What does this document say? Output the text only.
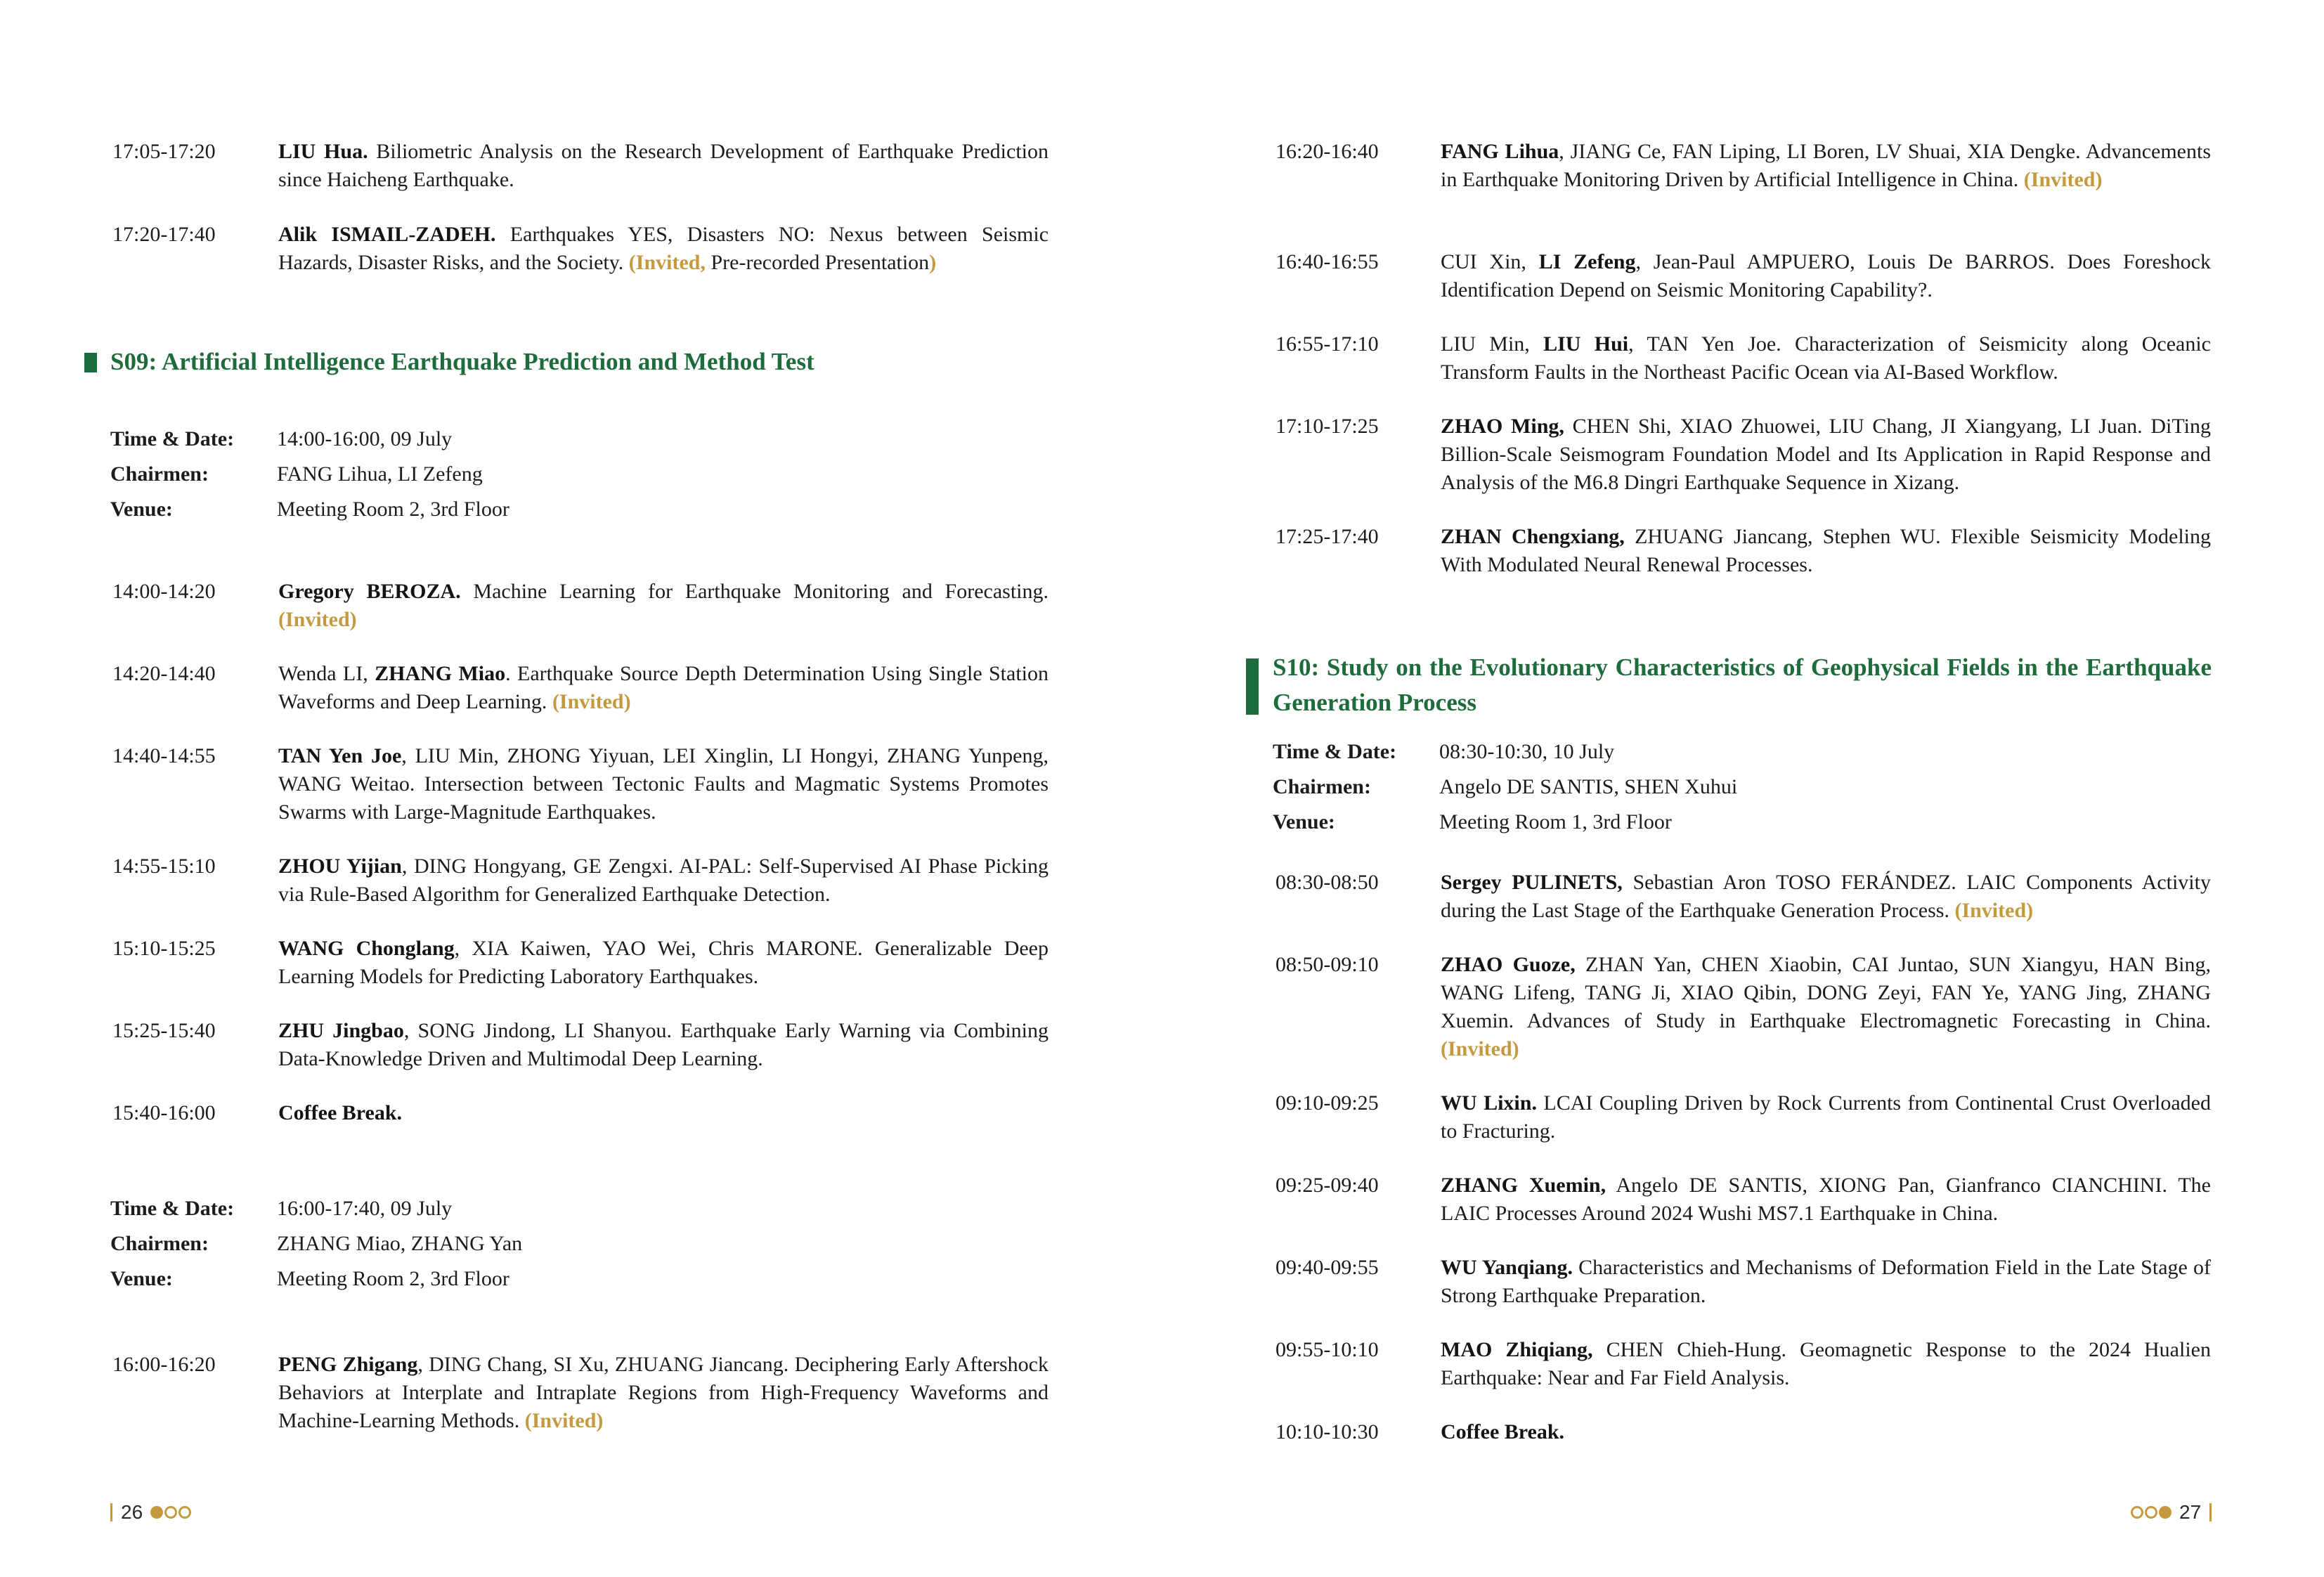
17:05-17:20	LIU Hua. Biliometric Analysis on the Research Development of Earthquake Prediction since Haicheng Earthquake.
17:20-17:40	Alik ISMAIL-ZADEH. Earthquakes YES, Disasters NO: Nexus between Seismic Hazards, Disaster Risks, and the Society. (Invited, Pre-recorded Presentation)
S09: Artificial Intelligence Earthquake Prediction and Method Test
Time & Date: 14:00-16:00, 09 July
Chairmen:	FANG Lihua, LI Zefeng
Venue:	Meeting Room 2, 3rd Floor
14:00-14:20	Gregory BEROZA. Machine Learning for Earthquake Monitoring and Forecasting. (Invited)
14:20-14:40	Wenda LI, ZHANG Miao. Earthquake Source Depth Determination Using Single Station Waveforms and Deep Learning. (Invited)
14:40-14:55	TAN Yen Joe, LIU Min, ZHONG Yiyuan, LEI Xinglin, LI Hongyi, ZHANG Yunpeng, WANG Weitao. Intersection between Tectonic Faults and Magmatic Systems Promotes Swarms with Large-Magnitude Earthquakes.
14:55-15:10	ZHOU Yijian, DING Hongyang, GE Zengxi. AI-PAL: Self-Supervised AI Phase Picking via Rule-Based Algorithm for Generalized Earthquake Detection.
15:10-15:25	WANG Chonglang, XIA Kaiwen, YAO Wei, Chris MARONE. Generalizable Deep Learning Models for Predicting Laboratory Earthquakes.
15:25-15:40	ZHU Jingbao, SONG Jindong, LI Shanyou. Earthquake Early Warning via Combining Data-Knowledge Driven and Multimodal Deep Learning.
15:40-16:00	Coffee Break.
Time & Date: 16:00-17:40, 09 July
Chairmen:	ZHANG Miao, ZHANG Yan
Venue:	Meeting Room 2, 3rd Floor
16:00-16:20	PENG Zhigang, DING Chang, SI Xu, ZHUANG Jiancang. Deciphering Early Aftershock Behaviors at Interplate and Intraplate Regions from High-Frequency Waveforms and Machine-Learning Methods. (Invited)
26
16:20-16:40	FANG Lihua, JIANG Ce, FAN Liping, LI Boren, LV Shuai, XIA Dengke. Advancements in Earthquake Monitoring Driven by Artificial Intelligence in China. (Invited)
16:40-16:55	CUI Xin, LI Zefeng, Jean-Paul AMPUERO, Louis De BARROS. Does Foreshock Identification Depend on Seismic Monitoring Capability?.
16:55-17:10	LIU Min, LIU Hui, TAN Yen Joe. Characterization of Seismicity along Oceanic Transform Faults in the Northeast Pacific Ocean via AI-Based Workflow.
17:10-17:25	ZHAO Ming, CHEN Shi, XIAO Zhuowei, LIU Chang, JI Xiangyang, LI Juan. DiTing Billion-Scale Seismogram Foundation Model and Its Application in Rapid Response and Analysis of the M6.8 Dingri Earthquake Sequence in Xizang.
17:25-17:40	ZHAN Chengxiang, ZHUANG Jiancang, Stephen WU. Flexible Seismicity Modeling With Modulated Neural Renewal Processes.
S10: Study on the Evolutionary Characteristics of Geophysical Fields in the Earthquake Generation Process
Time & Date: 08:30-10:30, 10 July
Chairmen:	Angelo DE SANTIS, SHEN Xuhui
Venue:	Meeting Room 1, 3rd Floor
08:30-08:50	Sergey PULINETS, Sebastian Aron TOSO FERÁNDEZ. LAIC Components Activity during the Last Stage of the Earthquake Generation Process. (Invited)
08:50-09:10	ZHAO Guoze, ZHAN Yan, CHEN Xiaobin, CAI Juntao, SUN Xiangyu, HAN Bing, WANG Lifeng, TANG Ji, XIAO Qibin, DONG Zeyi, FAN Ye, YANG Jing, ZHANG Xuemin. Advances of Study in Earthquake Electromagnetic Forecasting in China. (Invited)
09:10-09:25	WU Lixin. LCAI Coupling Driven by Rock Currents from Continental Crust Overloaded to Fracturing.
09:25-09:40	ZHANG Xuemin, Angelo DE SANTIS, XIONG Pan, Gianfranco CIANCHINI. The LAIC Processes Around 2024 Wushi MS7.1 Earthquake in China.
09:40-09:55	WU Yanqiang. Characteristics and Mechanisms of Deformation Field in the Late Stage of Strong Earthquake Preparation.
09:55-10:10	MAO Zhiqiang, CHEN Chieh-Hung. Geomagnetic Response to the 2024 Hualien Earthquake: Near and Far Field Analysis.
10:10-10:30	Coffee Break.
27
